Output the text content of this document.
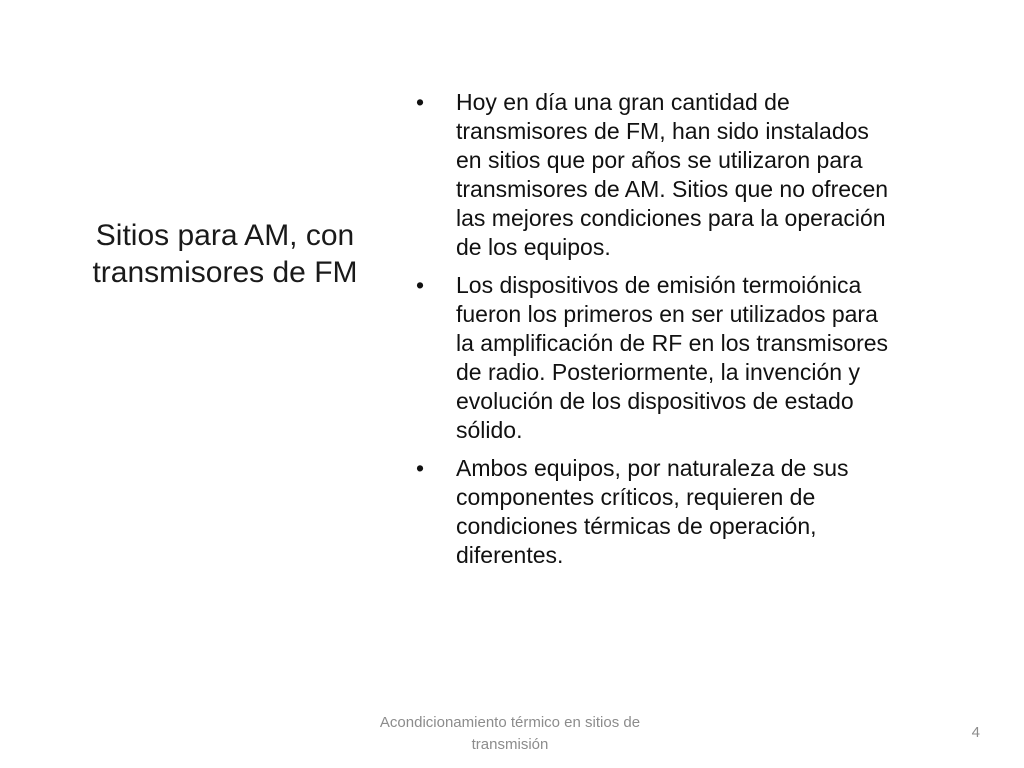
Sitios para AM, con transmisores de FM
• Hoy en día una gran cantidad de transmisores de FM, han sido instalados en sitios que por años se utilizaron para transmisores de AM. Sitios que no ofrecen las mejores condiciones para la operación de los equipos.
• Los dispositivos de emisión termoiónica fueron los primeros en ser utilizados para la amplificación de RF en los transmisores de radio. Posteriormente, la invención y evolución de los dispositivos de estado sólido.
• Ambos equipos, por naturaleza de sus componentes críticos, requieren de condiciones térmicas de operación, diferentes.
Acondicionamiento térmico en sitios de transmisión
4
